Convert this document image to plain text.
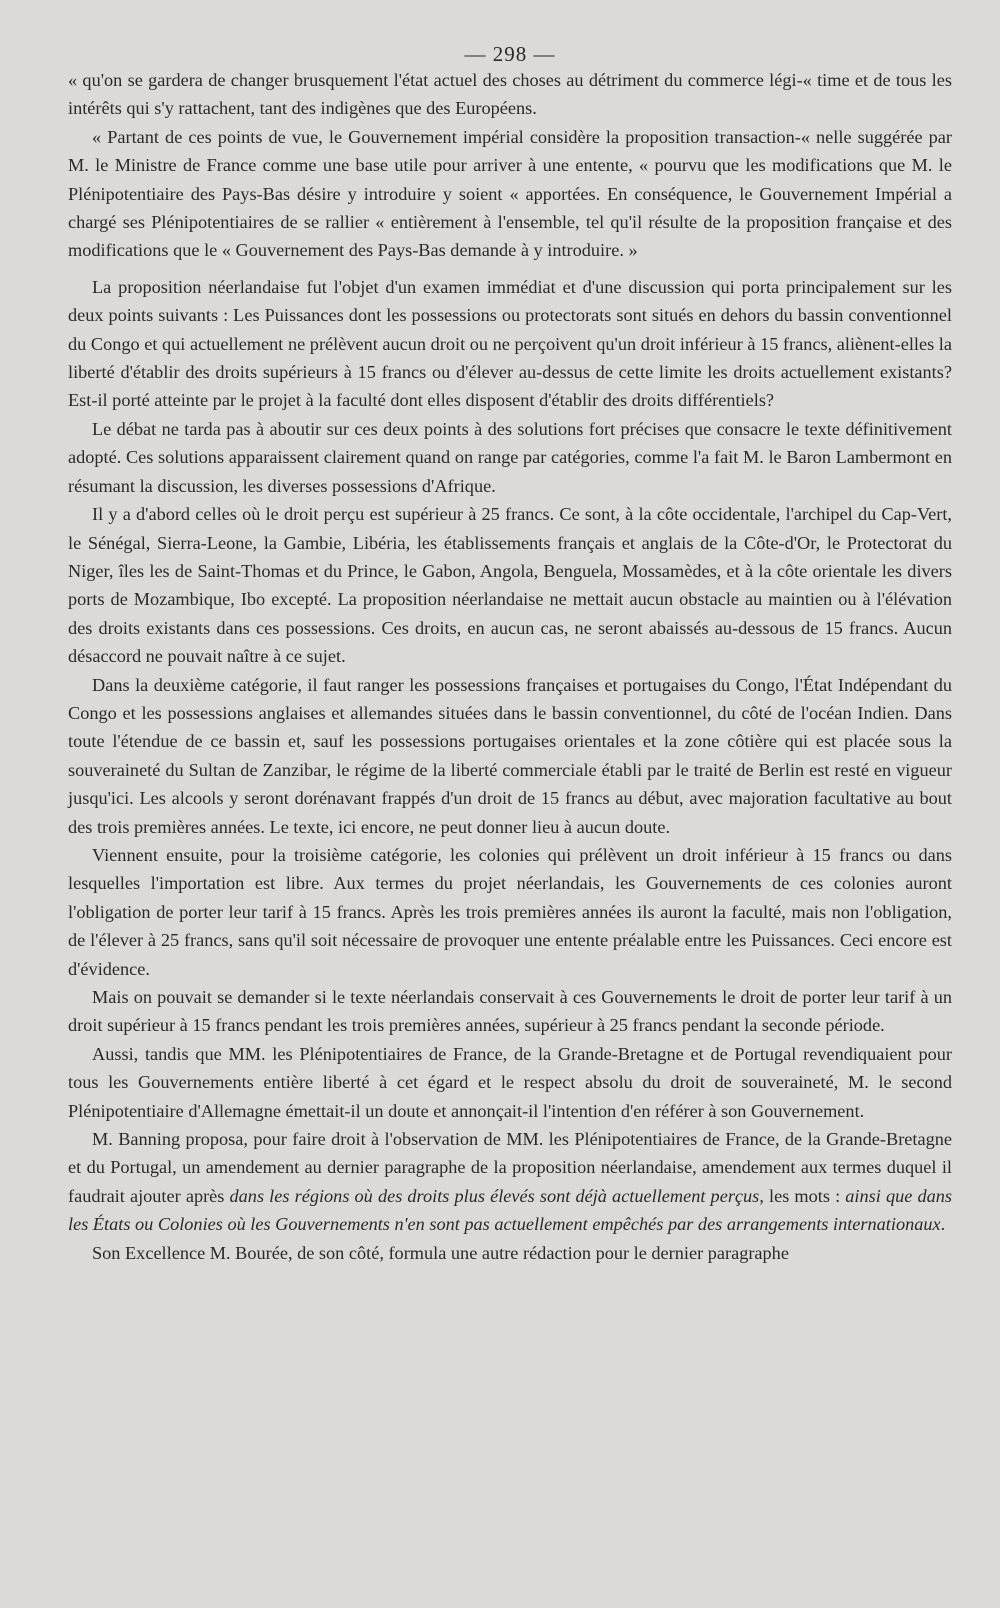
— 298 —

« qu'on se gardera de changer brusquement l'état actuel des choses au détriment du commerce légi-« time et de tous les intérêts qui s'y rattachent, tant des indigènes que des Européens.

« Partant de ces points de vue, le Gouvernement impérial considère la proposition transaction-« nelle suggérée par M. le Ministre de France comme une base utile pour arriver à une entente, « pourvu que les modifications que M. le Plénipotentiaire des Pays-Bas désire y introduire y soient « apportées. En conséquence, le Gouvernement Impérial a chargé ses Plénipotentiaires de se rallier « entièrement à l'ensemble, tel qu'il résulte de la proposition française et des modifications que le « Gouvernement des Pays-Bas demande à y introduire. »

La proposition néerlandaise fut l'objet d'un examen immédiat et d'une discussion qui porta principalement sur les deux points suivants : Les Puissances dont les possessions ou protectorats sont situés en dehors du bassin conventionnel du Congo et qui actuellement ne prélèvent aucun droit ou ne perçoivent qu'un droit inférieur à 15 francs, aliènent-elles la liberté d'établir des droits supérieurs à 15 francs ou d'élever au-dessus de cette limite les droits actuellement existants? Est-il porté atteinte par le projet à la faculté dont elles disposent d'établir des droits différentiels?

Le débat ne tarda pas à aboutir sur ces deux points à des solutions fort précises que consacre le texte définitivement adopté. Ces solutions apparaissent clairement quand on range par catégories, comme l'a fait M. le Baron Lambermont en résumant la discussion, les diverses possessions d'Afrique.

Il y a d'abord celles où le droit perçu est supérieur à 25 francs. Ce sont, à la côte occidentale, l'archipel du Cap-Vert, le Sénégal, Sierra-Leone, la Gambie, Libéria, les établissements français et anglais de la Côte-d'Or, le Protectorat du Niger, îles les de Saint-Thomas et du Prince, le Gabon, Angola, Benguela, Mossamèdes, et à la côte orientale les divers ports de Mozambique, Ibo excepté. La proposition néerlandaise ne mettait aucun obstacle au maintien ou à l'élévation des droits existants dans ces possessions. Ces droits, en aucun cas, ne seront abaissés au-dessous de 15 francs. Aucun désaccord ne pouvait naître à ce sujet.

Dans la deuxième catégorie, il faut ranger les possessions françaises et portugaises du Congo, l'État Indépendant du Congo et les possessions anglaises et allemandes situées dans le bassin conventionnel, du côté de l'océan Indien. Dans toute l'étendue de ce bassin et, sauf les possessions portugaises orientales et la zone côtière qui est placée sous la souveraineté du Sultan de Zanzibar, le régime de la liberté commerciale établi par le traité de Berlin est resté en vigueur jusqu'ici. Les alcools y seront dorénavant frappés d'un droit de 15 francs au début, avec majoration facultative au bout des trois premières années. Le texte, ici encore, ne peut donner lieu à aucun doute.

Viennent ensuite, pour la troisième catégorie, les colonies qui prélèvent un droit inférieur à 15 francs ou dans lesquelles l'importation est libre. Aux termes du projet néerlandais, les Gouvernements de ces colonies auront l'obligation de porter leur tarif à 15 francs. Après les trois premières années ils auront la faculté, mais non l'obligation, de l'élever à 25 francs, sans qu'il soit nécessaire de provoquer une entente préalable entre les Puissances. Ceci encore est d'évidence.

Mais on pouvait se demander si le texte néerlandais conservait à ces Gouvernements le droit de porter leur tarif à un droit supérieur à 15 francs pendant les trois premières années, supérieur à 25 francs pendant la seconde période.

Aussi, tandis que MM. les Plénipotentiaires de France, de la Grande-Bretagne et de Portugal revendiquaient pour tous les Gouvernements entière liberté à cet égard et le respect absolu du droit de souveraineté, M. le second Plénipotentiaire d'Allemagne émettait-il un doute et annonçait-il l'intention d'en référer à son Gouvernement.

M. Banning proposa, pour faire droit à l'observation de MM. les Plénipotentiaires de France, de la Grande-Bretagne et du Portugal, un amendement au dernier paragraphe de la proposition néerlandaise, amendement aux termes duquel il faudrait ajouter après dans les régions où des droits plus élevés sont déjà actuellement perçus, les mots : ainsi que dans les États ou Colonies où les Gouvernements n'en sont pas actuellement empêchés par des arrangements internationaux.

Son Excellence M. Bourée, de son côté, formula une autre rédaction pour le dernier paragraphe
